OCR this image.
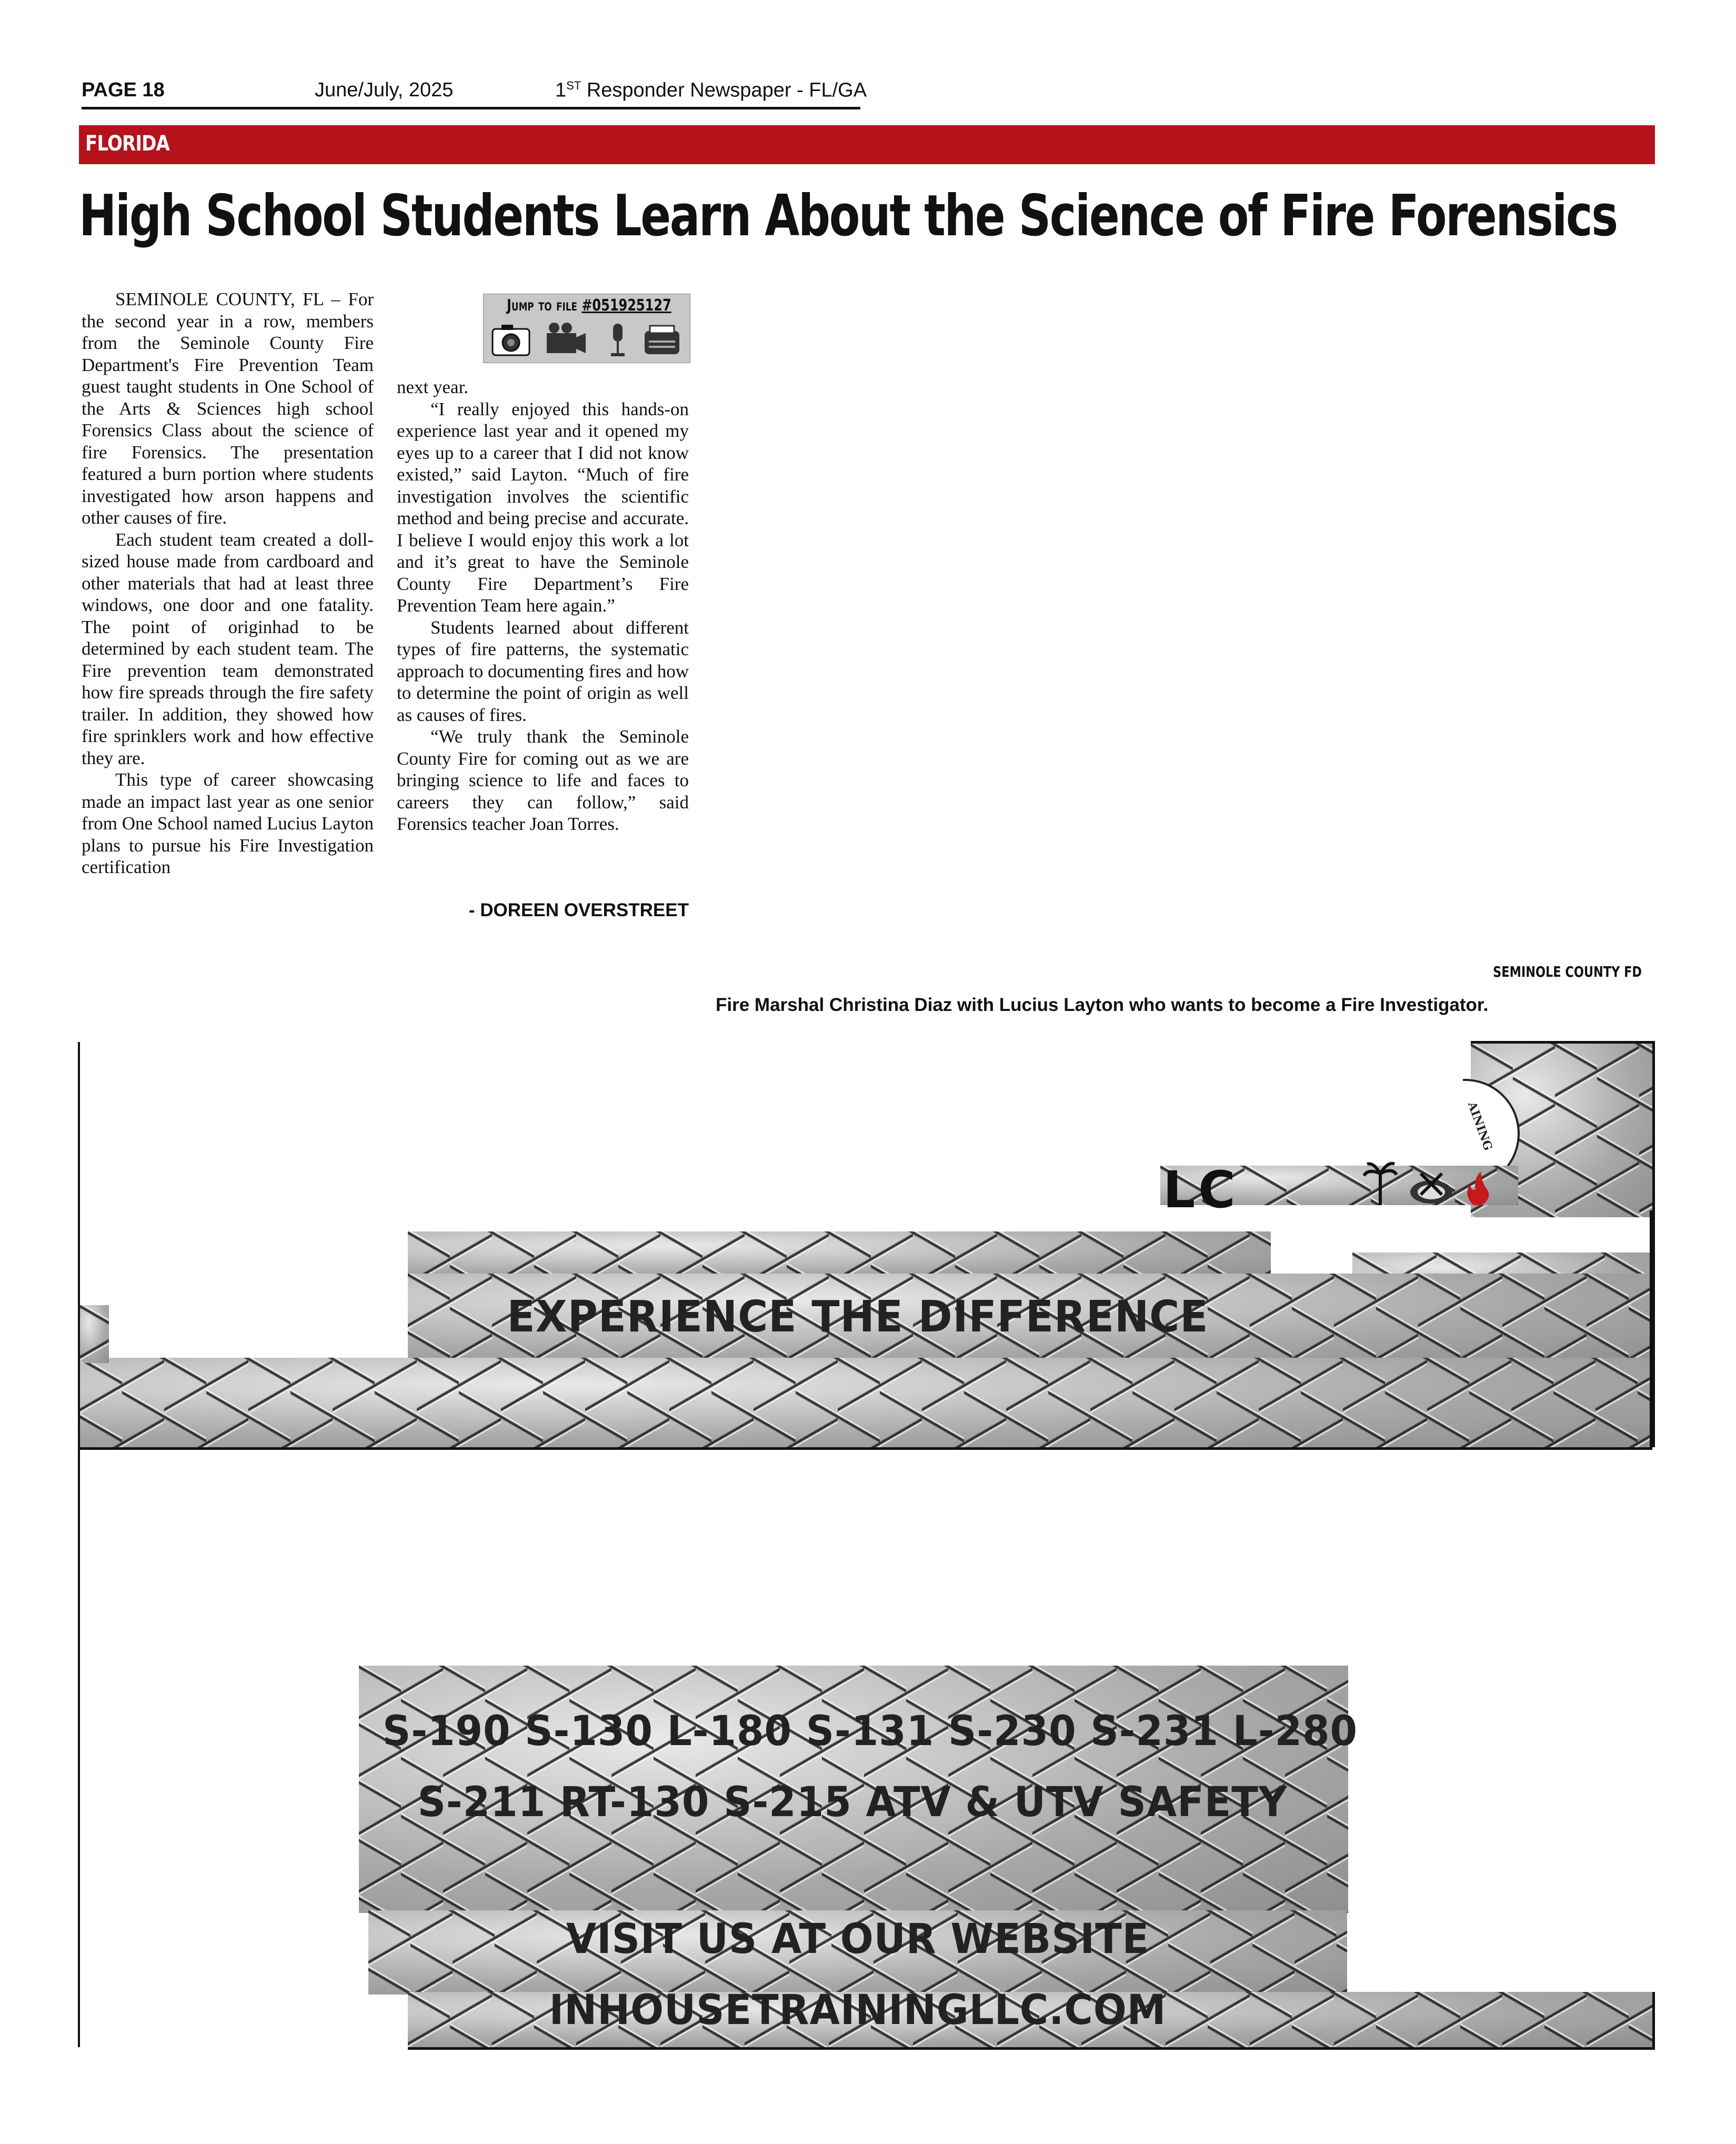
PAGE 18	June/July, 2025	1ST Responder Newspaper - FL/GA
FLORIDA
High School Students Learn About the Science of Fire Forensics
Jump to file #051925127

SEMINOLE COUNTY, FL – For the second year in a row, members from the Seminole County Fire Department's Fire Prevention Team guest taught students in One School of the Arts & Sciences high school Forensics Class about the science of fire Forensics. The presentation featured a burn portion where students investigated how arson happens and other causes of fire.

Each student team created a doll-sized house made from cardboard and other materials that had at least three windows, one door and one fatality. The point of originhad to be determined by each student team. The Fire prevention team demonstrated how fire spreads through the fire safety trailer. In addition, they showed how fire sprinklers work and how effective they are.

This type of career showcasing made an impact last year as one senior from One School named Lucius Layton plans to pursue his Fire Investigation certification

next year.

“I really enjoyed this hands-on experience last year and it opened my eyes up to a career that I did not know existed,” said Layton. “Much of fire investigation involves the scientific method and being precise and accurate. I believe I would enjoy this work a lot and it’s great to have the Seminole County Fire Department’s Fire Prevention Team here again.”

Students learned about different types of fire patterns, the systematic approach to documenting fires and how to determine the point of origin as well as causes of fires.

“We truly thank the Seminole County Fire for coming out as we are bringing science to life and faces to careers they can follow,” said Forensics teacher Joan Torres.

- DOREEN OVERSTREET
SEMINOLE COUNTY FD
Fire Marshal Christina Diaz with Lucius Layton who wants to become a Fire Investigator.
AINING
LC
EXPERIENCE THE DIFFERENCE
S-190 S-130 L-180 S-131 S-230 S-231 L-280
S-211 RT-130 S-215 ATV & UTV SAFETY
VISIT US AT OUR WEBSITE
INHOUSETRAININGLLC.COM
